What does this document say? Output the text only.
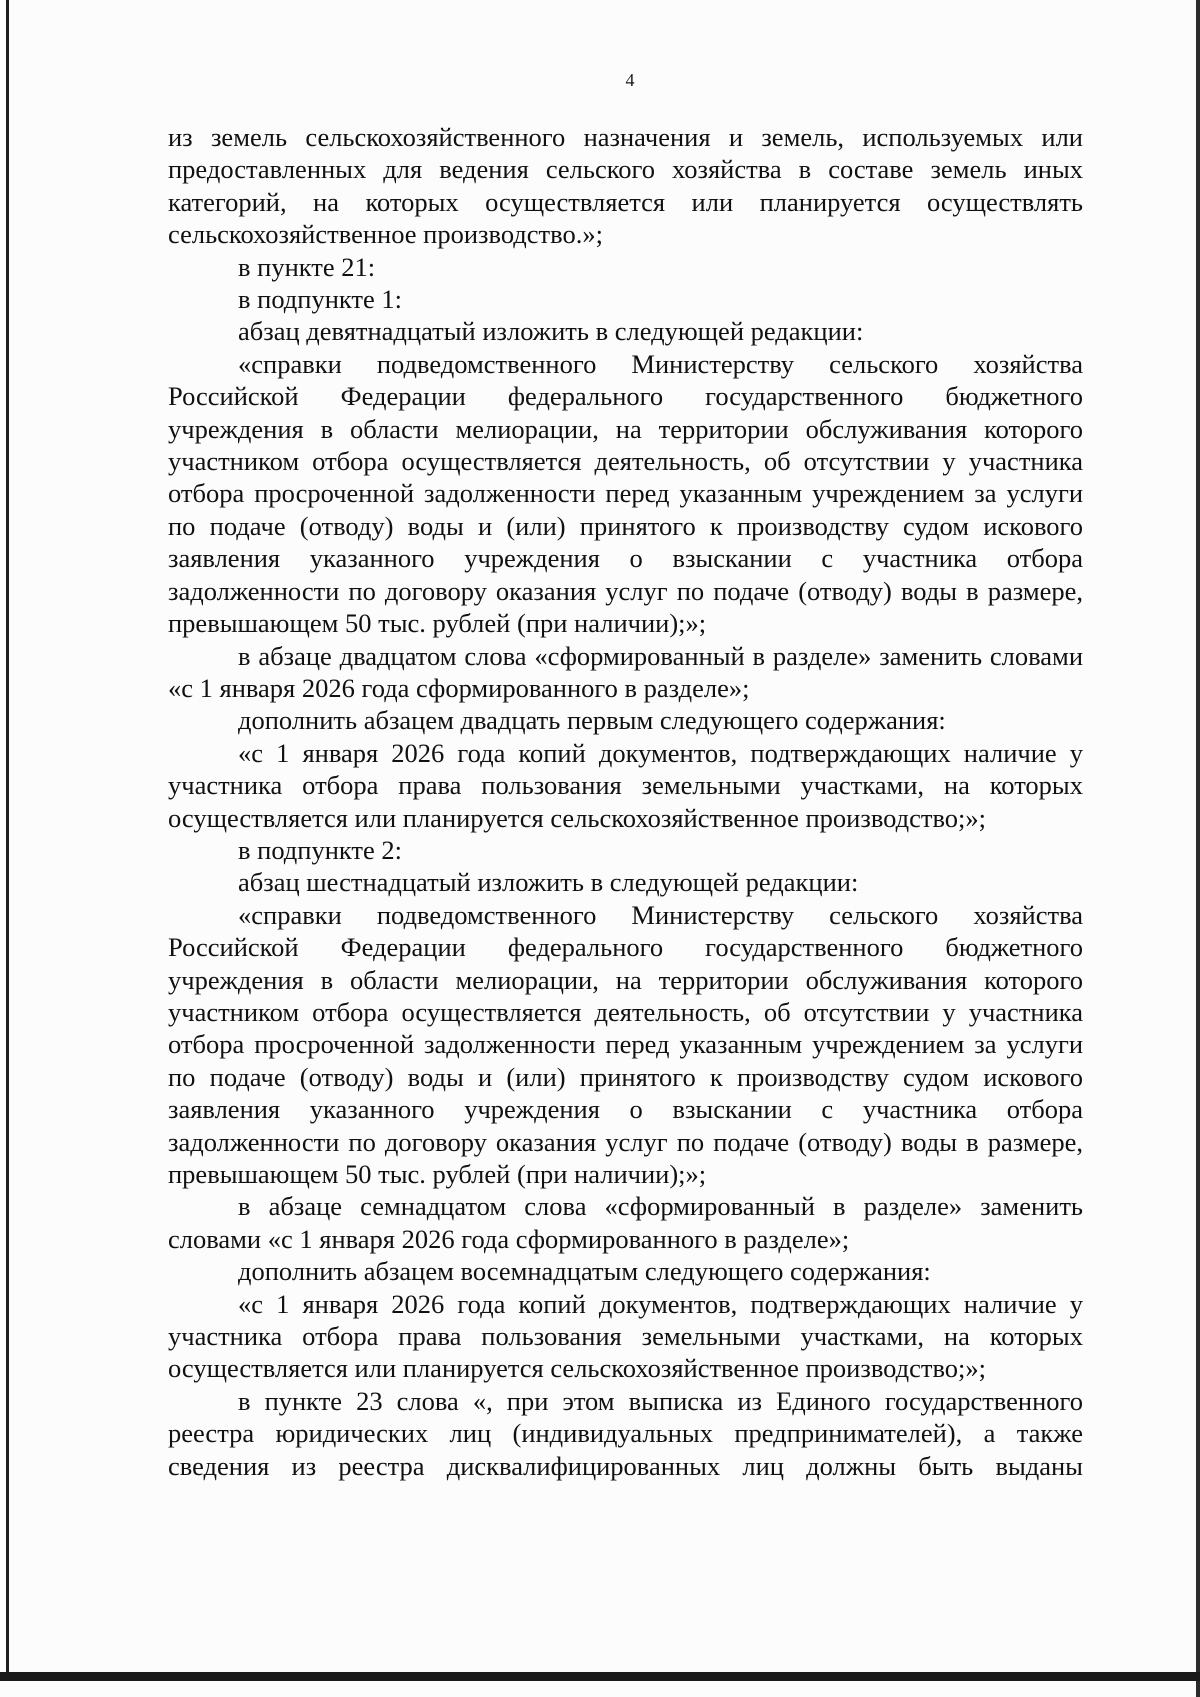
4

из земель сельскохозяйственного назначения и земель, используемых или предоставленных для ведения сельского хозяйства в составе земель иных категорий, на которых осуществляется или планируется осуществлять сельскохозяйственное производство.»;

в пункте 21:

в подпункте 1:

абзац девятнадцатый изложить в следующей редакции:

«справки подведомственного Министерству сельского хозяйства Российской Федерации федерального государственного бюджетного учреждения в области мелиорации, на территории обслуживания которого участником отбора осуществляется деятельность, об отсутствии у участника отбора просроченной задолженности перед указанным учреждением за услуги по подаче (отводу) воды и (или) принятого к производству судом искового заявления указанного учреждения о взыскании с участника отбора задолженности по договору оказания услуг по подаче (отводу) воды в размере, превышающем 50 тыс. рублей (при наличии);»;

в абзаце двадцатом слова «сформированный в разделе» заменить словами «с 1 января 2026 года сформированного в разделе»;

дополнить абзацем двадцать первым следующего содержания:

«с 1 января 2026 года копий документов, подтверждающих наличие у участника отбора права пользования земельными участками, на которых осуществляется или планируется сельскохозяйственное производство;»;

в подпункте 2:

абзац шестнадцатый изложить в следующей редакции:

«справки подведомственного Министерству сельского хозяйства Российской Федерации федерального государственного бюджетного учреждения в области мелиорации, на территории обслуживания которого участником отбора осуществляется деятельность, об отсутствии у участника отбора просроченной задолженности перед указанным учреждением за услуги по подаче (отводу) воды и (или) принятого к производству судом искового заявления указанного учреждения о взыскании с участника отбора задолженности по договору оказания услуг по подаче (отводу) воды в размере, превышающем 50 тыс. рублей (при наличии);»;

в абзаце семнадцатом слова «сформированный в разделе» заменить словами «с 1 января 2026 года сформированного в разделе»;

дополнить абзацем восемнадцатым следующего содержания:

«с 1 января 2026 года копий документов, подтверждающих наличие у участника отбора права пользования земельными участками, на которых осуществляется или планируется сельскохозяйственное производство;»;

в пункте 23 слова «, при этом выписка из Единого государственного реестра юридических лиц (индивидуальных предпринимателей), а также сведения из реестра дисквалифицированных лиц должны быть выданы
